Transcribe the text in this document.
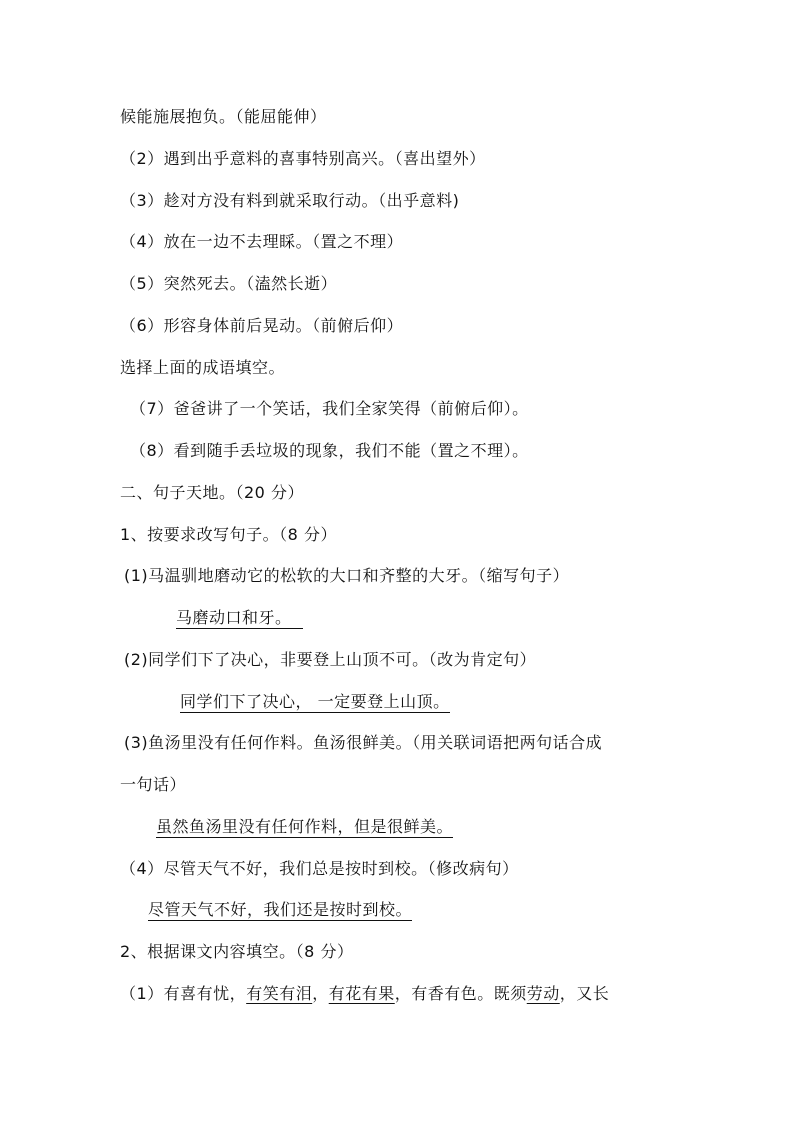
候能施展抱负。（能屈能伸）
（2）遇到出乎意料的喜事特别高兴。（喜出望外）
（3）趁对方没有料到就采取行动。（出乎意料)
（4）放在一边不去理睬。（置之不理）
（5）突然死去。（溘然长逝）
（6）形容身体前后晃动。（前俯后仰）
选择上面的成语填空。
（7）爸爸讲了一个笑话，我们全家笑得（前俯后仰）。
（8）看到随手丢垃圾的现象，我们不能（置之不理）。
二、句子天地。（20 分）
1、按要求改写句子。（8 分）
(1)马温驯地磨动它的松软的大口和齐整的大牙。（缩写句子）
马磨动口和牙。
(2)同学们下了决心，非要登上山顶不可。（改为肯定句）
同学们下了决心， 一定要登上山顶。
(3)鱼汤里没有任何作料。鱼汤很鲜美。（用关联词语把两句话合成
一句话）
虽然鱼汤里没有任何作料，但是很鲜美。
（4）尽管天气不好，我们总是按时到校。（修改病句）
尽管天气不好，我们还是按时到校。
2、根据课文内容填空。（8 分）
（1）有喜有忧，有笑有泪，有花有果，有香有色。既须劳动，又长
